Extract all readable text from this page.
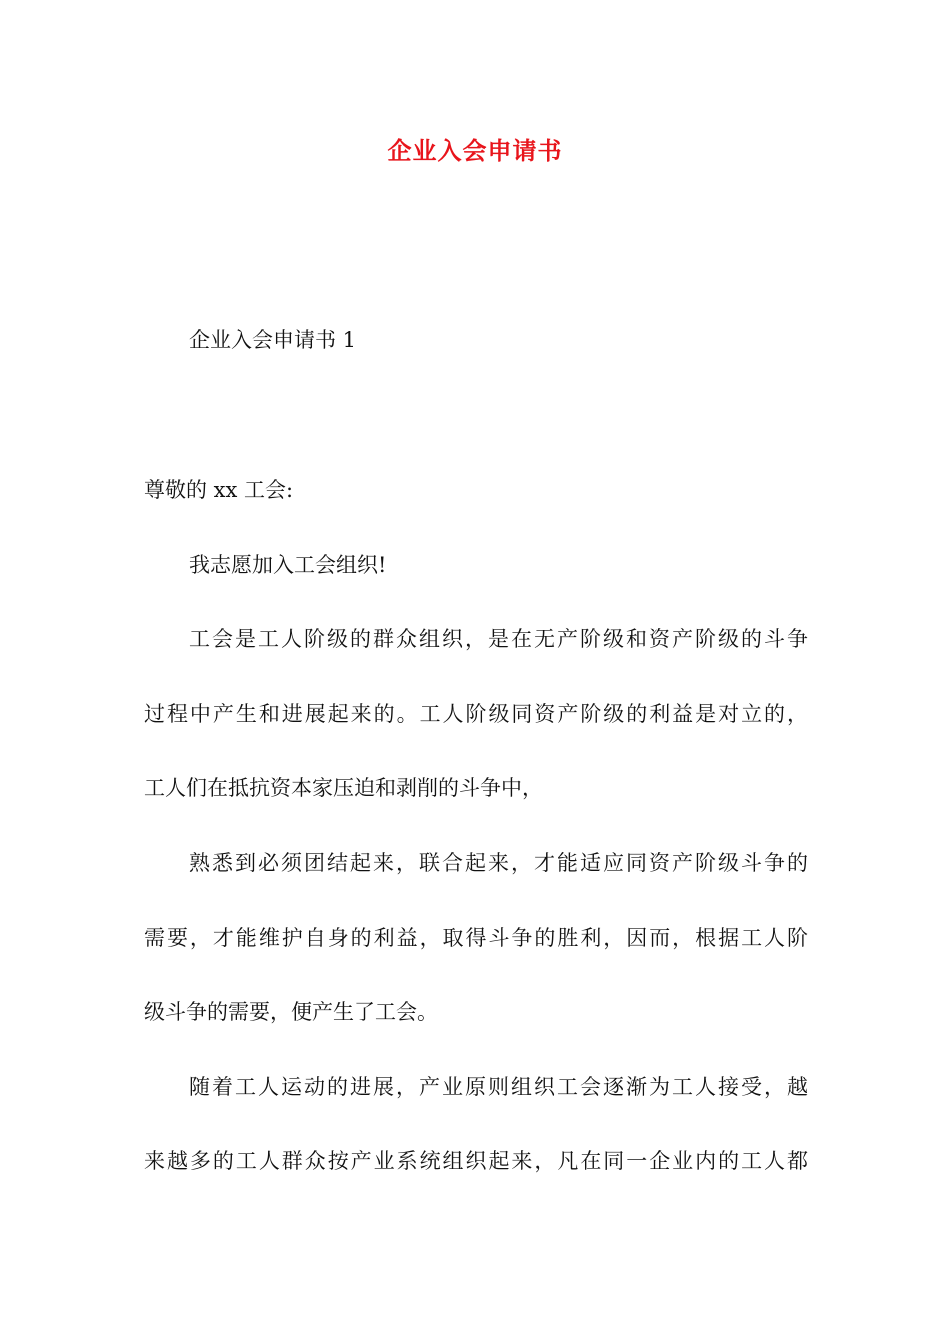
企业入会申请书
企业入会申请书 1
尊敬的 xx 工会:
我志愿加入工会组织!
工会是工人阶级的群众组织，是在无产阶级和资产阶级的斗争
过程中产生和进展起来的。工人阶级同资产阶级的利益是对立的，
工人们在抵抗资本家压迫和剥削的斗争中，
熟悉到必须团结起来，联合起来，才能适应同资产阶级斗争的
需要，才能维护自身的利益，取得斗争的胜利，因而，根据工人阶
级斗争的需要，便产生了工会。
随着工人运动的进展，产业原则组织工会逐渐为工人接受，越
来越多的工人群众按产业系统组织起来，凡在同一企业内的工人都
